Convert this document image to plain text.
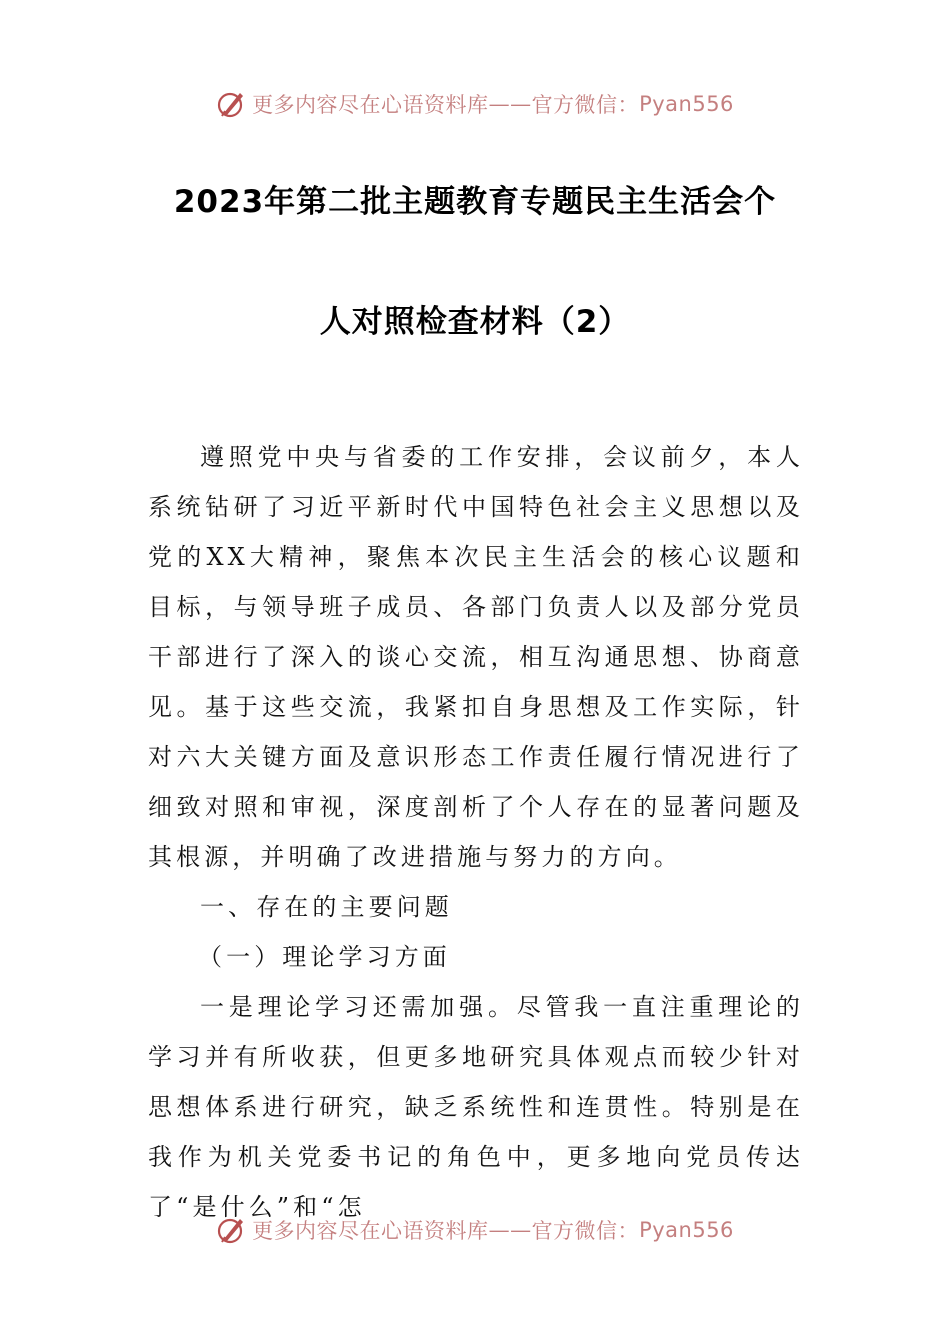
更多内容尽在心语资料库 —— 官方微信： Pyan556
2023年第二批主题教育专题民主生活会个
人对照检查材料（2）

遵照党中央与省委的工作安排，会议前夕，本人系统钻研了习近平新时代中国特色社会主义思想以及党的XX大精神，聚焦本次民主生活会的核心议题和目标，与领导班子成员、各部门负责人以及部分党员干部进行了深入的谈心交流，相互沟通思想、协商意见。基于这些交流，我紧扣自身思想及工作实际，针对六大关键方面及意识形态工作责任履行情况进行了细致对照和审视，深度剖析了个人存在的显著问题及其根源，并明确了改进措施与努力的方向。

一、存在的主要问题

（一）理论学习方面

一是理论学习还需加强。尽管我一直注重理论的学习并有所收获，但更多地研究具体观点而较少针对思想体系进行研究，缺乏系统性和连贯性。特别是在我作为机关党委书记的角色中，更多地向党员传达了“是什么”和“怎

更多内容尽在心语资料库 —— 官方微信： Pyan556
